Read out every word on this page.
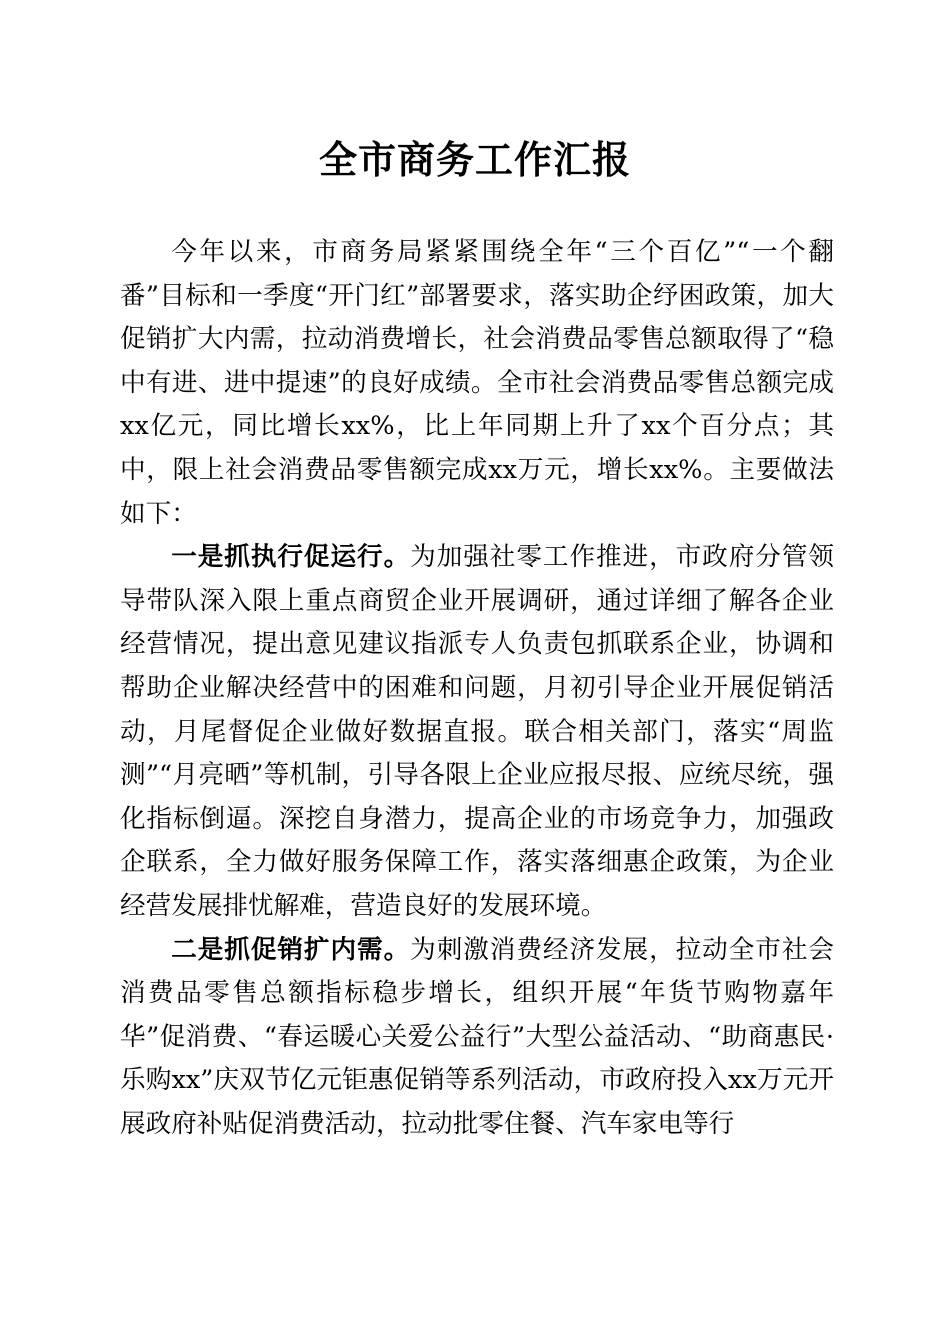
全市商务工作汇报

今年以来，市商务局紧紧围绕全年“三个百亿”“一个翻番”目标和一季度“开门红”部署要求，落实助企纾困政策，加大促销扩大内需，拉动消费增长，社会消费品零售总额取得了“稳中有进、进中提速”的良好成绩。全市社会消费品零售总额完成xx亿元，同比增长xx%，比上年同期上升了xx个百分点；其中，限上社会消费品零售额完成xx万元，增长xx%。主要做法如下：

一是抓执行促运行。为加强社零工作推进，市政府分管领导带队深入限上重点商贸企业开展调研，通过详细了解各企业经营情况，提出意见建议指派专人负责包抓联系企业，协调和帮助企业解决经营中的困难和问题，月初引导企业开展促销活动，月尾督促企业做好数据直报。联合相关部门，落实“周监测”“月亮晒”等机制，引导各限上企业应报尽报、应统尽统，强化指标倒逼。深挖自身潜力，提高企业的市场竞争力，加强政企联系，全力做好服务保障工作，落实落细惠企政策，为企业经营发展排忧解难，营造良好的发展环境。

二是抓促销扩内需。为刺激消费经济发展，拉动全市社会消费品零售总额指标稳步增长，组织开展“年货节购物嘉年华”促消费、“春运暖心关爱公益行”大型公益活动、“助商惠民·乐购xx”庆双节亿元钜惠促销等系列活动，市政府投入xx万元开展政府补贴促消费活动，拉动批零住餐、汽车家电等行
